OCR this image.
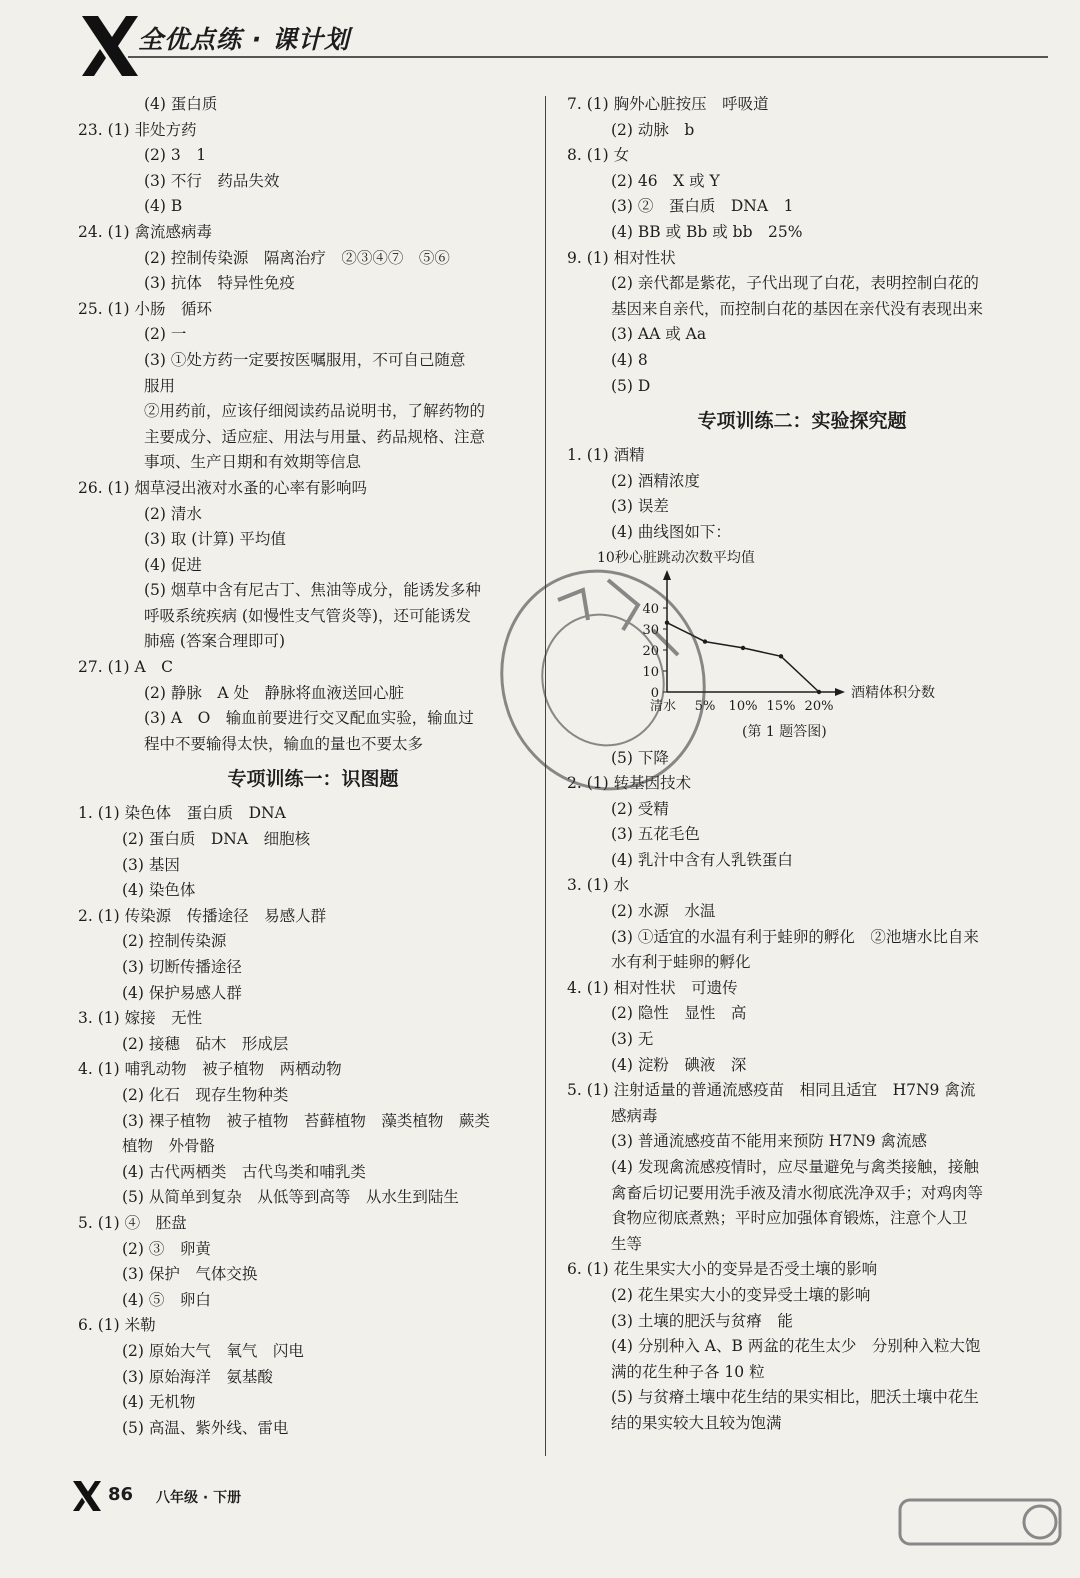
全优点练 · 课计划
(4) 蛋白质
23. (1) 非处方药
(2) 3　1
(3) 不行　药品失效
(4) B
24. (1) 禽流感病毒
(2) 控制传染源　隔离治疗　②③④⑦　⑤⑥
(3) 抗体　特异性免疫
25. (1) 小肠　循环
(2) 一
(3) ①处方药一定要按医嘱服用，不可自己随意
服用
②用药前，应该仔细阅读药品说明书，了解药物的
主要成分、适应症、用法与用量、药品规格、注意
事项、生产日期和有效期等信息
26. (1) 烟草浸出液对水蚤的心率有影响吗
(2) 清水
(3) 取 (计算) 平均值
(4) 促进
(5) 烟草中含有尼古丁、焦油等成分，能诱发多种
呼吸系统疾病 (如慢性支气管炎等)，还可能诱发
肺癌 (答案合理即可)
27. (1) A　C
(2) 静脉　A 处　静脉将血液送回心脏
(3) A　O　输血前要进行交叉配血实验，输血过
程中不要输得太快，输血的量也不要太多
专项训练一：识图题
1. (1) 染色体　蛋白质　DNA
(2) 蛋白质　DNA　细胞核
(3) 基因
(4) 染色体
2. (1) 传染源　传播途径　易感人群
(2) 控制传染源
(3) 切断传播途径
(4) 保护易感人群
3. (1) 嫁接　无性
(2) 接穗　砧木　形成层
4. (1) 哺乳动物　被子植物　两栖动物
(2) 化石　现存生物种类
(3) 裸子植物　被子植物　苔藓植物　藻类植物　蕨类
植物　外骨骼
(4) 古代两栖类　古代鸟类和哺乳类
(5) 从简单到复杂　从低等到高等　从水生到陆生
5. (1) ④　胚盘
(2) ③　卵黄
(3) 保护　气体交换
(4) ⑤　卵白
6. (1) 米勒
(2) 原始大气　氧气　闪电
(3) 原始海洋　氨基酸
(4) 无机物
(5) 高温、紫外线、雷电
7. (1) 胸外心脏按压　呼吸道
(2) 动脉　b
8. (1) 女
(2) 46　X 或 Y
(3) ②　蛋白质　DNA　1
(4) BB 或 Bb 或 bb　25%
9. (1) 相对性状
(2) 亲代都是紫花，子代出现了白花，表明控制白花的
基因来自亲代，而控制白花的基因在亲代没有表现出来
(3) AA 或 Aa
(4) 8
(5) D
专项训练二：实验探究题
1. (1) 酒精
(2) 酒精浓度
(3) 误差
(4) 曲线图如下：
10秒心脏跳动次数平均值
0
10
20
30
40
清水 5% 10% 15% 20%
酒精体积分数
(第 1 题答图)
(5) 下降
2. (1) 转基因技术
(2) 受精
(3) 五花毛色
(4) 乳汁中含有人乳铁蛋白
3. (1) 水
(2) 水源　水温
(3) ①适宜的水温有利于蛙卵的孵化　②池塘水比自来
水有利于蛙卵的孵化
4. (1) 相对性状　可遗传
(2) 隐性　显性　高
(3) 无
(4) 淀粉　碘液　深
5. (1) 注射适量的普通流感疫苗　相同且适宜　H7N9 禽流
感病毒
(3) 普通流感疫苗不能用来预防 H7N9 禽流感
(4) 发现禽流感疫情时，应尽量避免与禽类接触，接触
禽畜后切记要用洗手液及清水彻底洗净双手；对鸡肉等
食物应彻底煮熟；平时应加强体育锻炼，注意个人卫
生等
6. (1) 花生果实大小的变异是否受土壤的影响
(2) 花生果实大小的变异受土壤的影响
(3) 土壤的肥沃与贫瘠　能
(4) 分别种入 A、B 两盆的花生太少　分别种入粒大饱
满的花生种子各 10 粒
(5) 与贫瘠土壤中花生结的果实相比，肥沃土壤中花生
结的果实较大且较为饱满
86 八年级 · 下册
